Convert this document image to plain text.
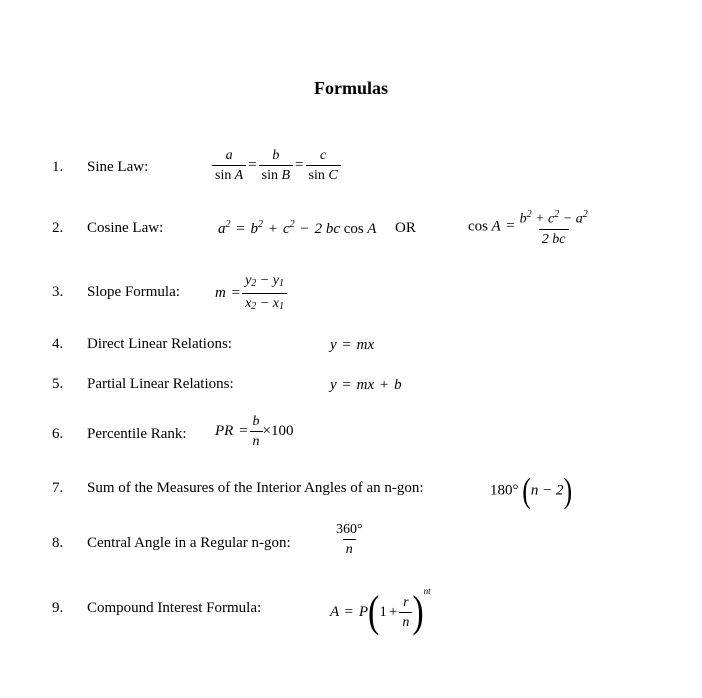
Formulas
1. Sine Law:	$\frac{a}{\text{sin A}} = \frac{b}{\text{sin B}} = \frac{c}{\text{sin C}}$
2. Cosine Law:	$a^2 = b^2 + c^2 - 2$ bc cos A OR	$\cos A = \frac{b^2 + c^2 - a^2}{2 bc}$
3. Slope Formula: $m = \frac{y_2 - y_1}{x_2 - x_1}$
4. Direct Linear Relations:	y = mx
5. Partial Linear Relations:	y = mx + b
6. Percentile Rank: PR = $\frac{b}{n} \times 100$
7. Sum of the Measures of the Interior Angles of an n-gon:	180° (n − 2)
8. Central Angle in a Regular n-gon:	$\frac{360^\circ}{n}$
9. Compound Interest Formula:	$A = P(1 + \frac{r}{n} )^{nt}$
